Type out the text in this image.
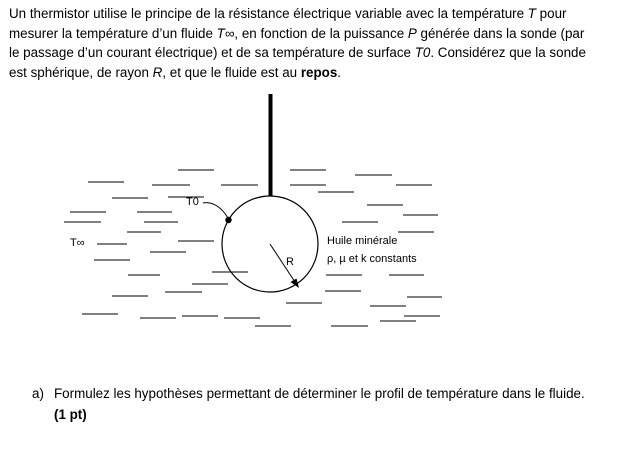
Un thermistor utilise le principe de la résistance électrique variable avec la température T pour
mesurer la température d’un fluide T∞, en fonction de la puissance P générée dans la sonde (par
le passage d’un courant électrique) et de sa température de surface T0. Considérez que la sonde
est sphérique, de rayon R, et que le fluide est au repos.
T0
T∞
R
Huile minérale
ρ, µ et k constants
a) Formulez les hypothèses permettant de déterminer le profil de température dans le fluide. (1 pt)
